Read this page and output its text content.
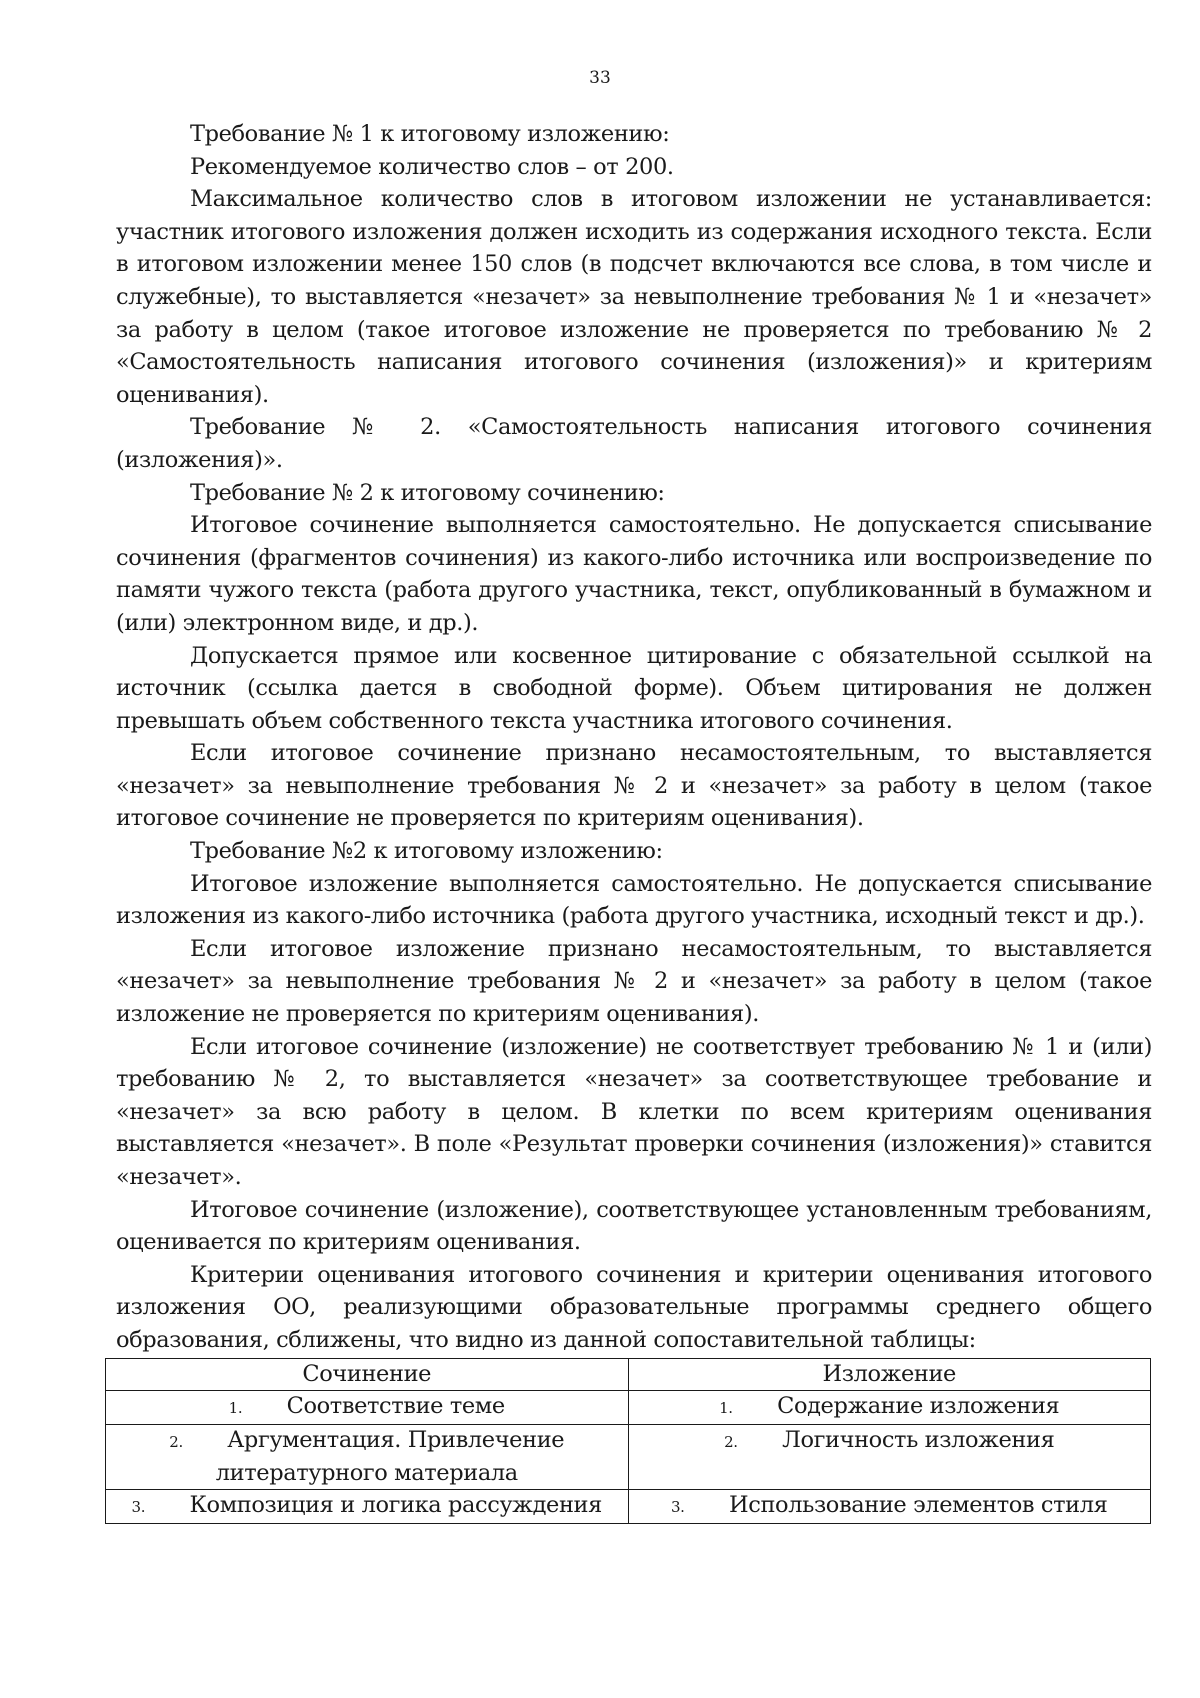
33

Требование № 1 к итоговому изложению:

Рекомендуемое количество слов – от 200.

Максимальное количество слов в итоговом изложении не устанавливается: участник итогового изложения должен исходить из содержания исходного текста. Если в итоговом изложении менее 150 слов (в подсчет включаются все слова, в том числе и служебные), то выставляется «незачет» за невыполнение требования № 1 и «незачет» за работу в целом (такое итоговое изложение не проверяется по требованию № 2 «Самостоятельность написания итогового сочинения (изложения)» и критериям оценивания).

Требование № 2. «Самостоятельность написания итогового сочинения (изложения)».

Требование № 2 к итоговому сочинению:

Итоговое сочинение выполняется самостоятельно. Не допускается списывание сочинения (фрагментов сочинения) из какого-либо источника или воспроизведение по памяти чужого текста (работа другого участника, текст, опубликованный в бумажном и (или) электронном виде, и др.).

Допускается прямое или косвенное цитирование с обязательной ссылкой на источник (ссылка дается в свободной форме). Объем цитирования не должен превышать объем собственного текста участника итогового сочинения.

Если итоговое сочинение признано несамостоятельным, то выставляется «незачет» за невыполнение требования № 2 и «незачет» за работу в целом (такое итоговое сочинение не проверяется по критериям оценивания).

Требование №2 к итоговому изложению:

Итоговое изложение выполняется самостоятельно. Не допускается списывание изложения из какого-либо источника (работа другого участника, исходный текст и др.).

Если итоговое изложение признано несамостоятельным, то выставляется «незачет» за невыполнение требования № 2 и «незачет» за работу в целом (такое изложение не проверяется по критериям оценивания).

Если итоговое сочинение (изложение) не соответствует требованию № 1 и (или) требованию № 2, то выставляется «незачет» за соответствующее требование и «незачет» за всю работу в целом. В клетки по всем критериям оценивания выставляется «незачет». В поле «Результат проверки сочинения (изложения)» ставится «незачет».

Итоговое сочинение (изложение), соответствующее установленным требованиям, оценивается по критериям оценивания.

Критерии оценивания итогового сочинения и критерии оценивания итогового изложения ОО, реализующими образовательные программы среднего общего образования, сближены, что видно из данной сопоставительной таблицы:

Сочинение	Изложение
1. Соответствие теме	1. Содержание изложения
2. Аргументация. Привлечение литературного материала	2. Логичность изложения
3. Композиция и логика рассуждения	3. Использование элементов стиля
